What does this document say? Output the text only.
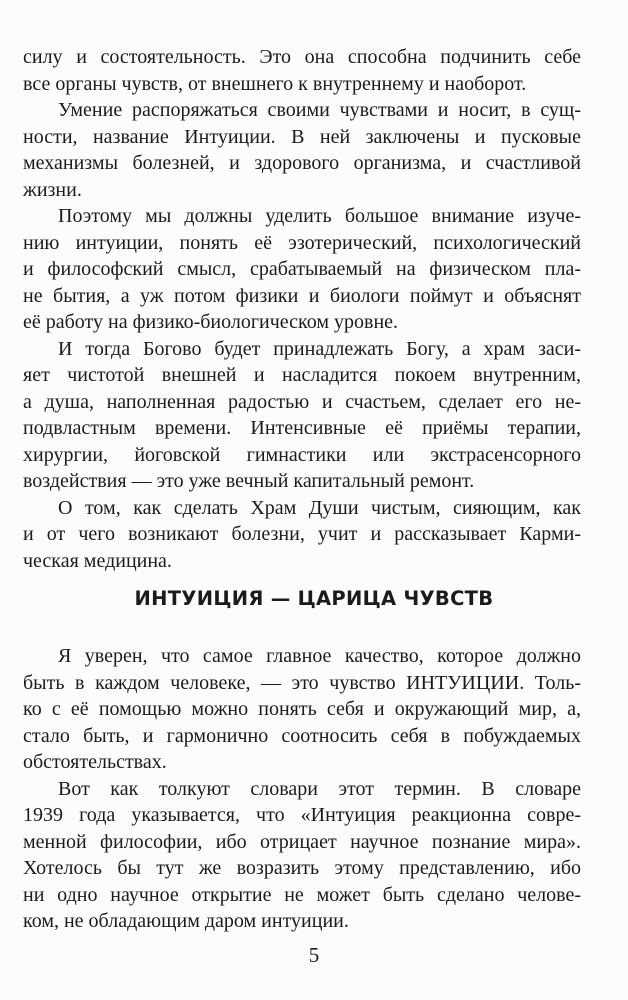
силу и состоятельность. Это она способна подчинить себе
все органы чувств, от внешнего к внутреннему и наоборот.
Умение распоряжаться своими чувствами и носит, в сущ-
ности, название Интуиции. В ней заключены и пусковые
механизмы болезней, и здорового организма, и счастливой
жизни.
Поэтому мы должны уделить большое внимание изуче-
нию интуиции, понять её эзотерический, психологический
и философский смысл, срабатываемый на физическом пла-
не бытия, а уж потом физики и биологи поймут и объяснят
её работу на физико-биологическом уровне.
И тогда Богово будет принадлежать Богу, а храм заси-
яет чистотой внешней и насладится покоем внутренним,
а душа, наполненная радостью и счастьем, сделает его не-
подвластным времени. Интенсивные её приёмы терапии,
хирургии, йоговской гимнастики или экстрасенсорного
воздействия — это уже вечный капитальный ремонт.
О том, как сделать Храм Души чистым, сияющим, как
и от чего возникают болезни, учит и рассказывает Карми-
ческая медицина.
ИНТУИЦИЯ — ЦАРИЦА ЧУВСТВ
Я уверен, что самое главное качество, которое должно
быть в каждом человеке, — это чувство ИНТУИЦИИ. Толь-
ко с её помощью можно понять себя и окружающий мир, а,
стало быть, и гармонично соотносить себя в побуждаемых
обстоятельствах.
Вот как толкуют словари этот термин. В словаре
1939 года указывается, что «Интуиция реакционна совре-
менной философии, ибо отрицает научное познание мира».
Хотелось бы тут же возразить этому представлению, ибо
ни одно научное открытие не может быть сделано челове-
ком, не обладающим даром интуиции.
5
